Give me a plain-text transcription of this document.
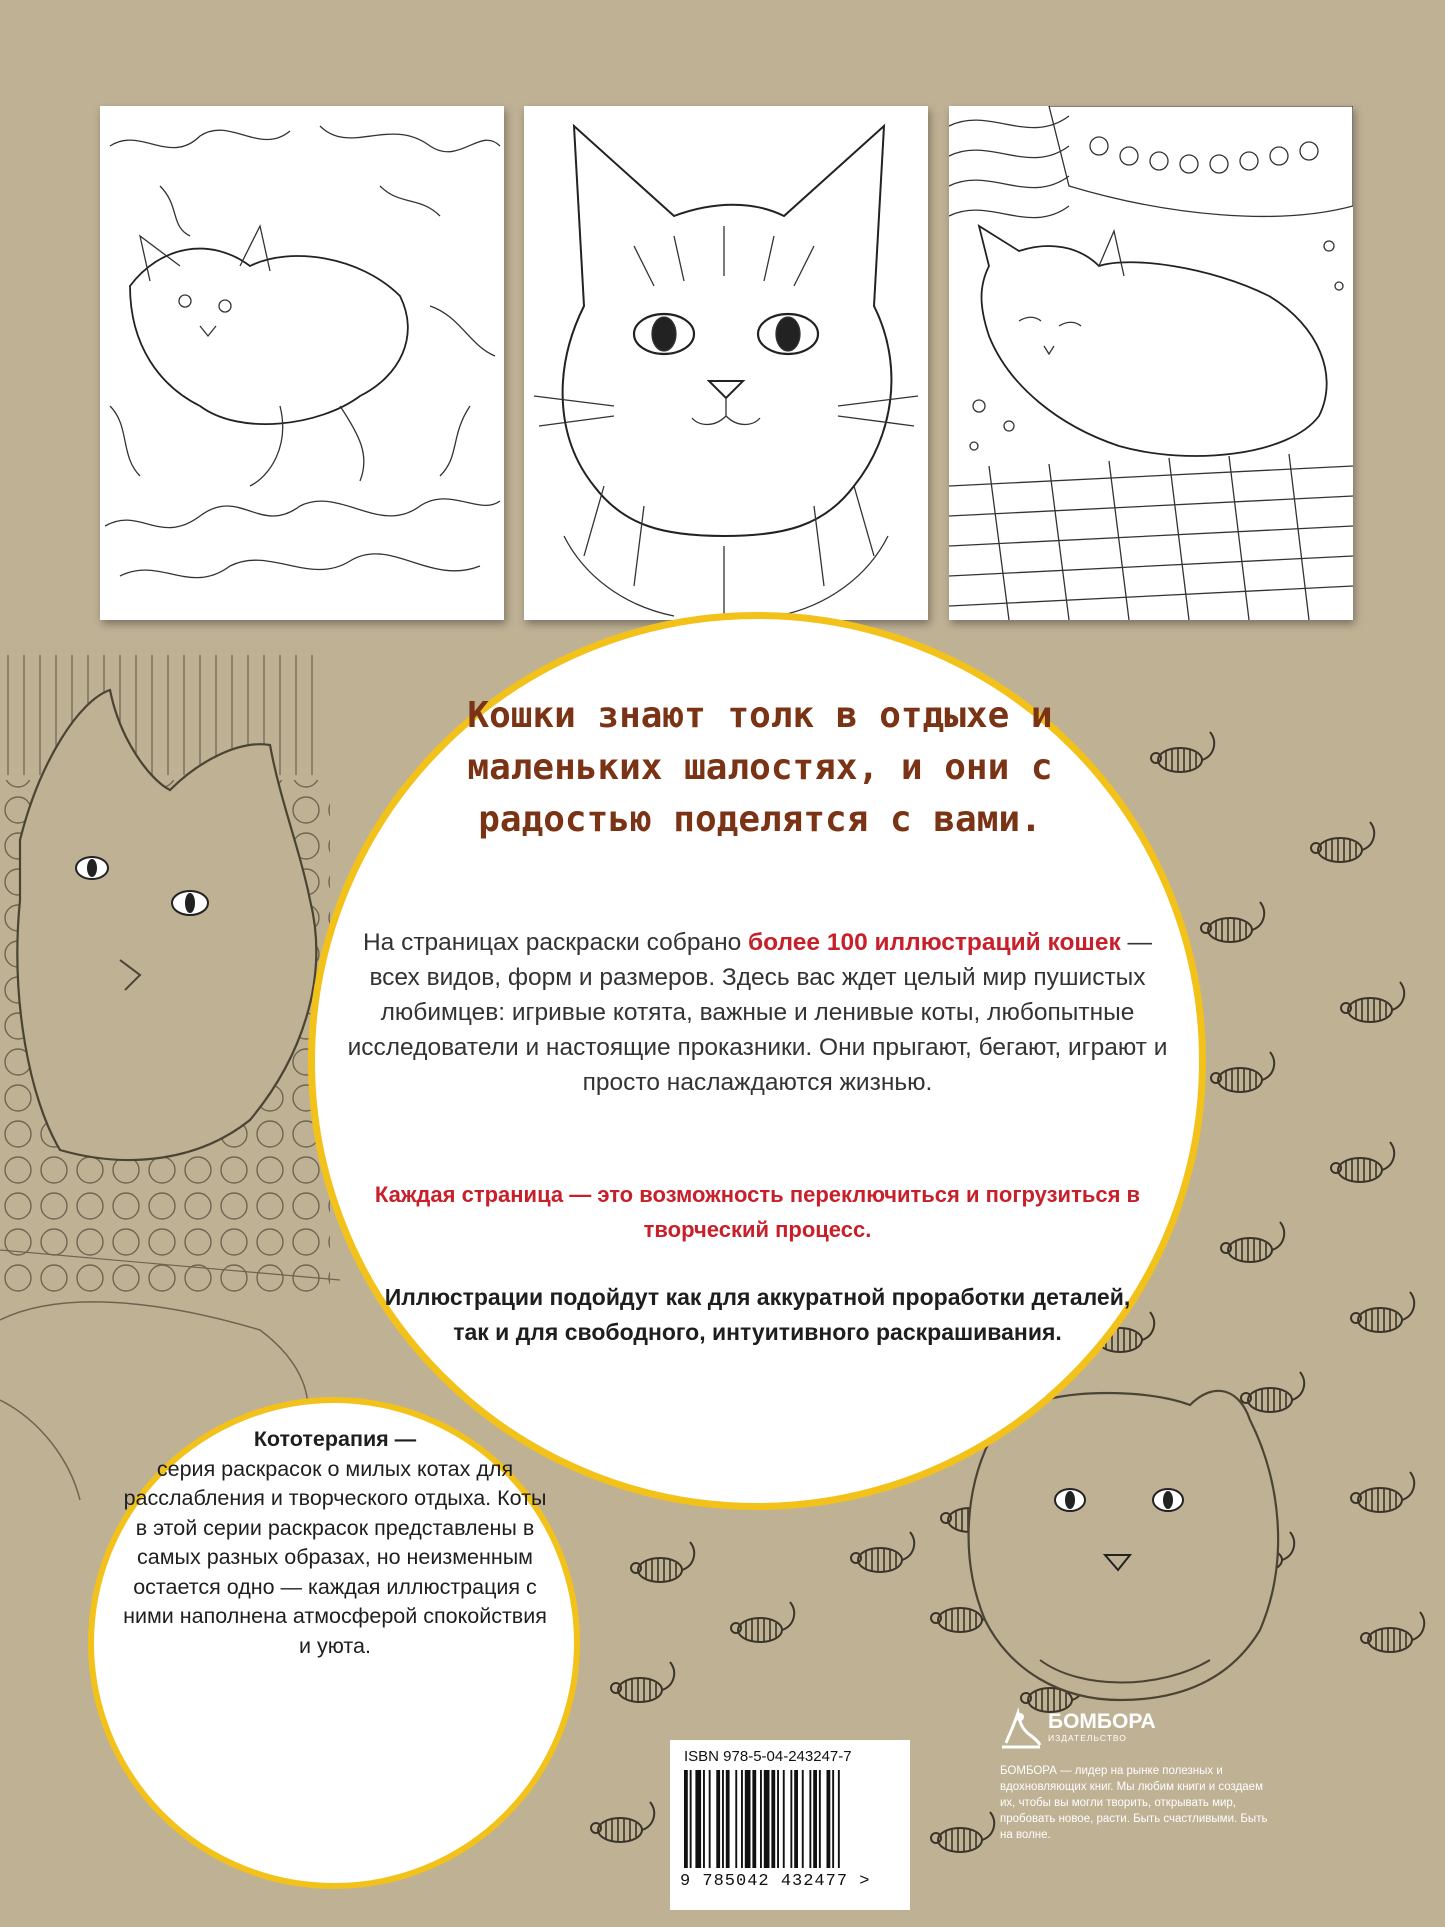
Кошки знают толк в отдыхе и маленьких шалостях, и они с радостью поделятся с вами.

На страницах раскраски собрано более 100 иллюстраций кошек — всех видов, форм и размеров. Здесь вас ждет целый мир пушистых любимцев: игривые котята, важные и ленивые коты, любопытные исследователи и настоящие проказники. Они прыгают, бегают, играют и просто наслаждаются жизнью.

Каждая страница — это возможность переключиться и погрузиться в творческий процесс.

Иллюстрации подойдут как для аккуратной проработки деталей, так и для свободного, интуитивного раскрашивания.

Кототерапия —
серия раскрасок о милых котах для расслабления и творческого отдыха. Коты в этой серии раскрасок представлены в самых разных образах, но неизменным остается одно — каждая иллюстрация с ними наполнена атмосферой спокойствия и уюта.

ISBN 978-5-04-243247-7

9 785042 432477 >
БОМБОРА
ИЗДАТЕЛЬСТВО
БОМБОРА — лидер на рынке полезных и вдохновляющих книг. Мы любим книги и создаем их, чтобы вы могли творить, открывать мир, пробовать новое, расти. Быть счастливыми. Быть на волне.
